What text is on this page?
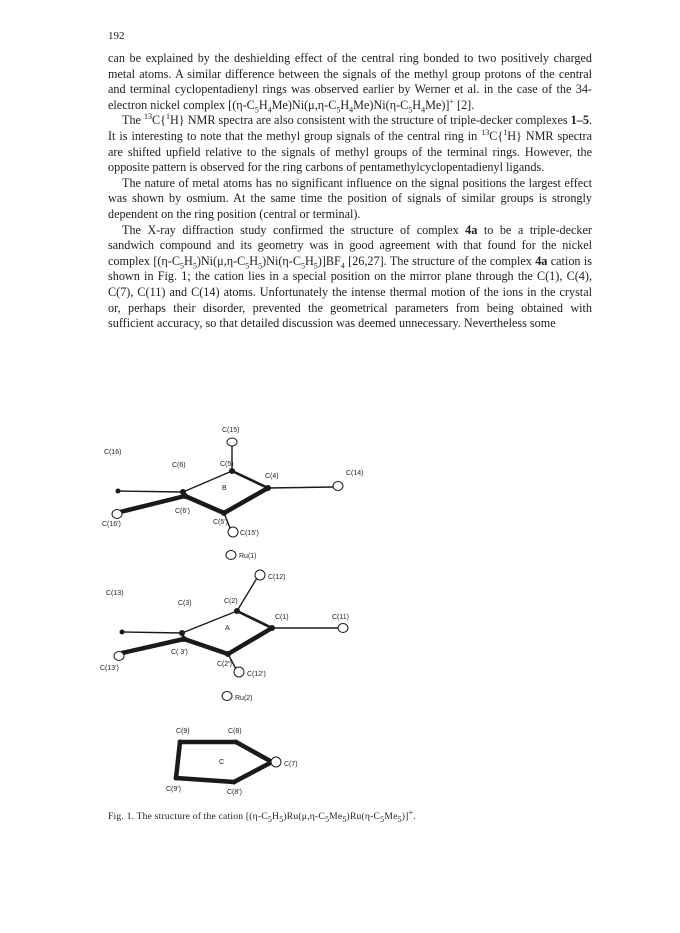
192

can be explained by the deshielding effect of the central ring bonded to two positively charged metal atoms. A similar difference between the signals of the methyl group protons of the central and terminal cyclopentadienyl rings was observed earlier by Werner et al. in the case of the 34-electron nickel complex $[(\eta-C_5H_4Me)Ni(\mu,\eta-C_5H_4Me)Ni(\eta-C_5H_4Me)]^+$ [2].

The $^{13}$C{$^1$H} NMR spectra are also consistent with the structure of triple-decker complexes 1–5. It is interesting to note that the methyl group signals of the central ring in $^{13}$C{$^1$H} NMR spectra are shifted upfield relative to the signals of methyl groups of the terminal rings. However, the opposite pattern is observed for the ring carbons of pentamethylcyclopentadienyl ligands.

The nature of metal atoms has no significant influence on the signal positions the largest effect was shown by osmium. At the same time the position of signals of similar groups is strongly dependent on the ring position (central or terminal).

The X-ray diffraction study confirmed the structure of complex 4a to be a triple-decker sandwich compound and its geometry was in good agreement with that found for the nickel complex $[(\eta-C_5H_5)Ni(\mu,\eta-C_5H_5)Ni(\eta-C_5H_5)]BF_4$ [26,27]. The structure of the complex 4a cation is shown in Fig. 1; the cation lies in a special position on the mirror plane through the C(1), C(4), C(7), C(11) and C(14) atoms. Unfortunately the intense thermal motion of the ions in the crystal or, perhaps their disorder, prevented the geometrical parameters from being obtained with sufficient accuracy, so that detailed discussion was deemed unnecessary. Nevertheless some

C(15)
C(16)
C(6)	C(5)
C(4)	C(14)
B
C(6')
C(16')	C(5')
C(15')
Ru(1)
C(12)
C(13)
C(3)	C(2)
C(1)	C(11)
A
C( 3')
C(13')
C(2')
C(12')
Ru(2)
C(9)	C(8)
C	C(7)
C(9')	C(8')
Fig. 1. The structure of the cation $[(\eta-C_5H_5)Ru(\mu,\eta-C_5Me_5)Ru(\eta-C_5Me_5)]^+$.
